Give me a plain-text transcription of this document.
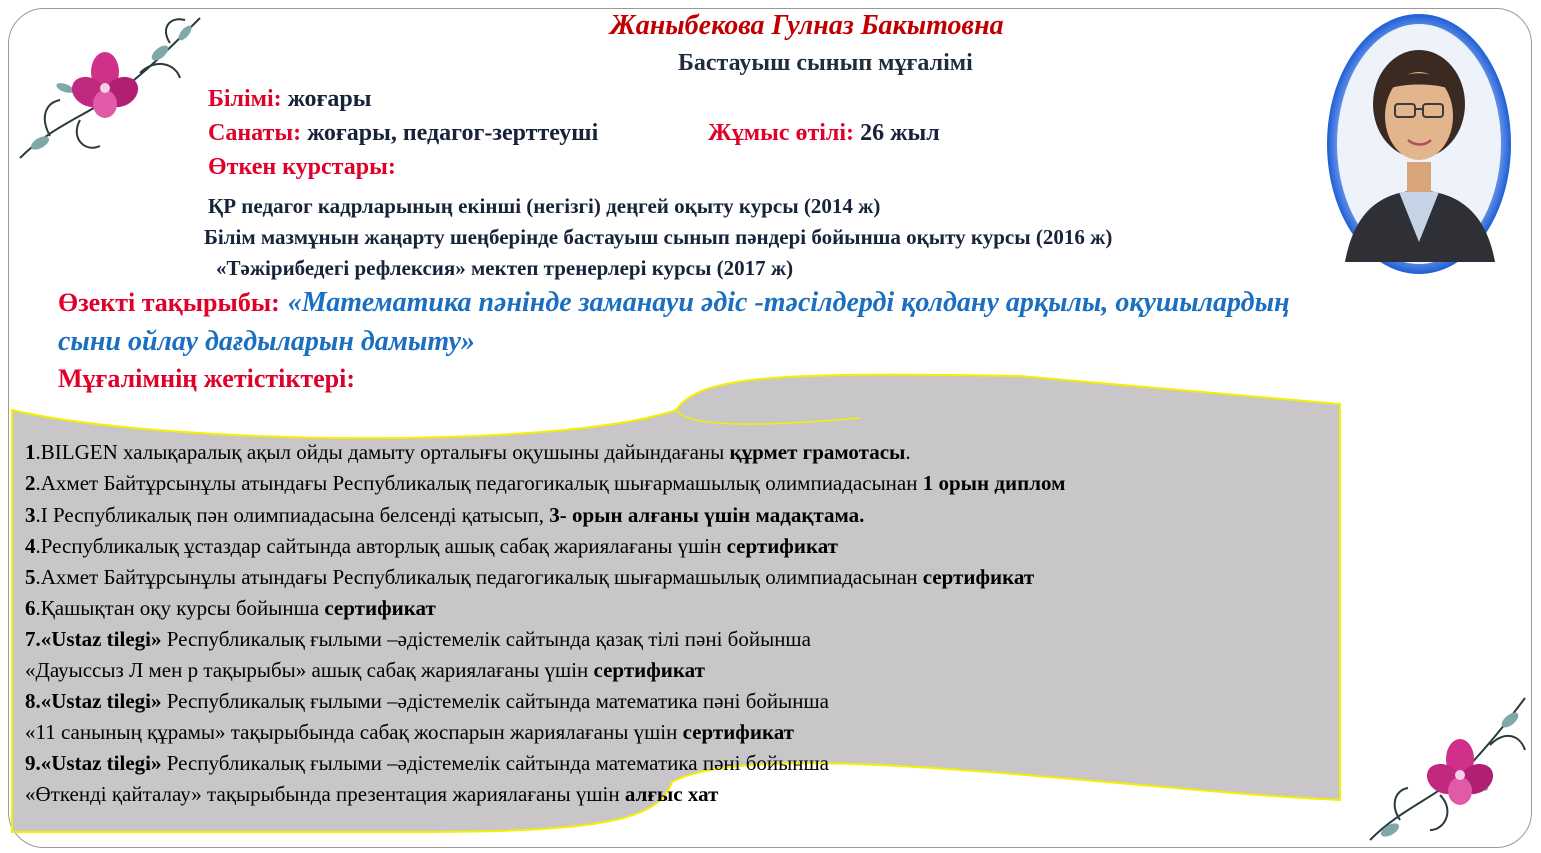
Жаныбекова Гулназ Бакытовна
Бастауыш сынып мұғалімі
Білімі: жоғары
Санаты: жоғары, педагог-зерттеуші	Жұмыс өтілі: 26 жыл
Өткен курстары:
ҚР педагог кадрларының екінші (негізгі) деңгей оқыту курсы (2014 ж)
Білім мазмұнын жаңарту шеңберінде бастауыш сынып пәндері бойынша оқыту курсы (2016 ж)
«Тәжірибедегі рефлексия» мектеп тренерлері курсы (2017 ж)
Өзекті тақырыбы: «Математика пәнінде заманауи әдіс -тәсілдерді қолдану арқылы, оқушылардың
сыни ойлау дағдыларын дамыту»
Мұғалімнің жетістіктері:
1.BILGEN халықаралық ақыл ойды дамыту орталығы оқушыны дайындағаны құрмет грамотасы.
2.Ахмет Байтұрсынұлы атындағы Республикалық педагогикалық шығармашылық олимпиадасынан 1 орын диплом
3.І Республикалық пән олимпиадасына белсенді қатысып, 3- орын алғаны үшін мадақтама.
4.Республикалық ұстаздар сайтында авторлық ашық сабақ жариялағаны үшін сертификат
5.Ахмет Байтұрсынұлы атындағы Республикалық педагогикалық шығармашылық олимпиадасынан сертификат
6.Қашықтан оқу курсы бойынша сертификат
7.«Ustaz tilegi» Республикалық ғылыми –әдістемелік сайтында қазақ тілі пәні бойынша
«Дауыссыз Л мен р тақырыбы» ашық сабақ жариялағаны үшін сертификат
8.«Ustaz tilegi» Республикалық ғылыми –әдістемелік сайтында математика пәні бойынша
«11 санының құрамы» тақырыбында сабақ жоспарын жариялағаны үшін сертификат
9.«Ustaz tilegi» Республикалық ғылыми –әдістемелік сайтында математика пәні бойынша
«Өткенді қайталау» тақырыбында презентация жариялағаны үшін алғыс хат
